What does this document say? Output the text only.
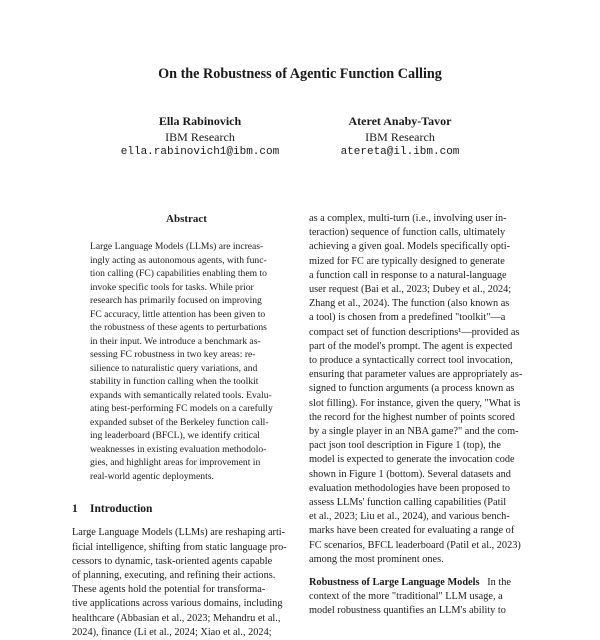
On the Robustness of Agentic Function Calling
Ella Rabinovich
IBM Research
ella.rabinovich1@ibm.com
Ateret Anaby-Tavor
IBM Research
atereta@il.ibm.com
Abstract
Large Language Models (LLMs) are increas-
ingly acting as autonomous agents, with func-
tion calling (FC) capabilities enabling them to
invoke specific tools for tasks. While prior
research has primarily focused on improving
FC accuracy, little attention has been given to
the robustness of these agents to perturbations
in their input. We introduce a benchmark as-
sessing FC robustness in two key areas: re-
silience to naturalistic query variations, and
stability in function calling when the toolkit
expands with semantically related tools. Evalu-
ating best-performing FC models on a carefully
expanded subset of the Berkeley function call-
ing leaderboard (BFCL), we identify critical
weaknesses in existing evaluation methodolo-
gies, and highlight areas for improvement in
real-world agentic deployments.
1 Introduction
Large Language Models (LLMs) are reshaping arti-
ficial intelligence, shifting from static language pro-
cessors to dynamic, task-oriented agents capable
of planning, executing, and refining their actions.
These agents hold the potential for transforma-
tive applications across various domains, including
healthcare (Abbasian et al., 2023; Mehandru et al.,
2024), finance (Li et al., 2024; Xiao et al., 2024;
as a complex, multi-turn (i.e., involving user in-
teraction) sequence of function calls, ultimately
achieving a given goal. Models specifically opti-
mized for FC are typically designed to generate
a function call in response to a natural-language
user request (Bai et al., 2023; Dubey et al., 2024;
Zhang et al., 2024). The function (also known as
a tool) is chosen from a predefined "toolkit"—a
compact set of function descriptions¹—provided as
part of the model's prompt. The agent is expected
to produce a syntactically correct tool invocation,
ensuring that parameter values are appropriately as-
signed to function arguments (a process known as
slot filling). For instance, given the query, "What is
the record for the highest number of points scored
by a single player in an NBA game?" and the com-
pact json tool description in Figure 1 (top), the
model is expected to generate the invocation code
shown in Figure 1 (bottom). Several datasets and
evaluation methodologies have been proposed to
assess LLMs' function calling capabilities (Patil
et al., 2023; Liu et al., 2024), and various bench-
marks have been created for evaluating a range of
FC scenarios, BFCL leaderboard (Patil et al., 2023)
among the most prominent ones.
Robustness of Large Language Models In the
context of the more "traditional" LLM usage, a
model robustness quantifies an LLM's ability to
